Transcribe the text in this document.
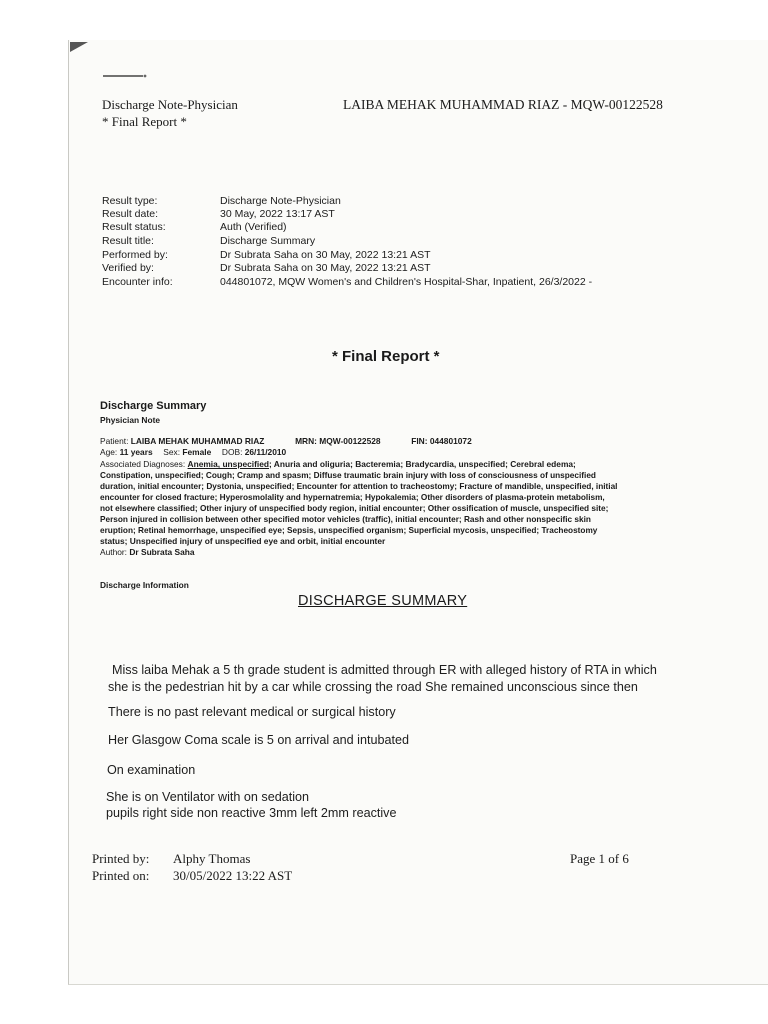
Discharge Note-Physician
* Final Report *
LAIBA MEHAK MUHAMMAD RIAZ - MQW-00122528
Result type:	Discharge Note-Physician
Result date:	30 May, 2022 13:17 AST
Result status:	Auth (Verified)
Result title:	Discharge Summary
Performed by:	Dr Subrata Saha on 30 May, 2022 13:21 AST
Verified by:	Dr Subrata Saha on 30 May, 2022 13:21 AST
Encounter info:	044801072, MQW Women's and Children's Hospital-Shar, Inpatient, 26/3/2022 -
* Final Report *
Discharge Summary
Physician Note
Patient: LAIBA MEHAK MUHAMMAD RIAZ	MRN: MQW-00122528	FIN: 044801072
Age: 11 years Sex: Female DOB: 26/11/2010
Associated Diagnoses: Anemia, unspecified; Anuria and oliguria; Bacteremia; Bradycardia, unspecified; Cerebral edema;
Constipation, unspecified; Cough; Cramp and spasm; Diffuse traumatic brain injury with loss of consciousness of unspecified
duration, initial encounter; Dystonia, unspecified; Encounter for attention to tracheostomy; Fracture of mandible, unspecified, initial
encounter for closed fracture; Hyperosmolality and hypernatremia; Hypokalemia; Other disorders of plasma-protein metabolism,
not elsewhere classified; Other injury of unspecified body region, initial encounter; Other ossification of muscle, unspecified site;
Person injured in collision between other specified motor vehicles (traffic), initial encounter; Rash and other nonspecific skin
eruption; Retinal hemorrhage, unspecified eye; Sepsis, unspecified organism; Superficial mycosis, unspecified; Tracheostomy
status; Unspecified injury of unspecified eye and orbit, initial encounter
Author: Dr Subrata Saha
Discharge Information
DISCHARGE SUMMARY
Miss laiba Mehak a 5 th grade student is admitted through ER with alleged history of RTA in which
she is the pedestrian hit by a car while crossing the road She remained unconscious since then
There is no past relevant medical or surgical history
Her Glasgow Coma scale is 5 on arrival and intubated
On examination
She is on Ventilator with on sedation
pupils right side non reactive 3mm left 2mm reactive
Printed by: Alphy Thomas
Printed on: 30/05/2022 13:22 AST
Page 1 of 6
